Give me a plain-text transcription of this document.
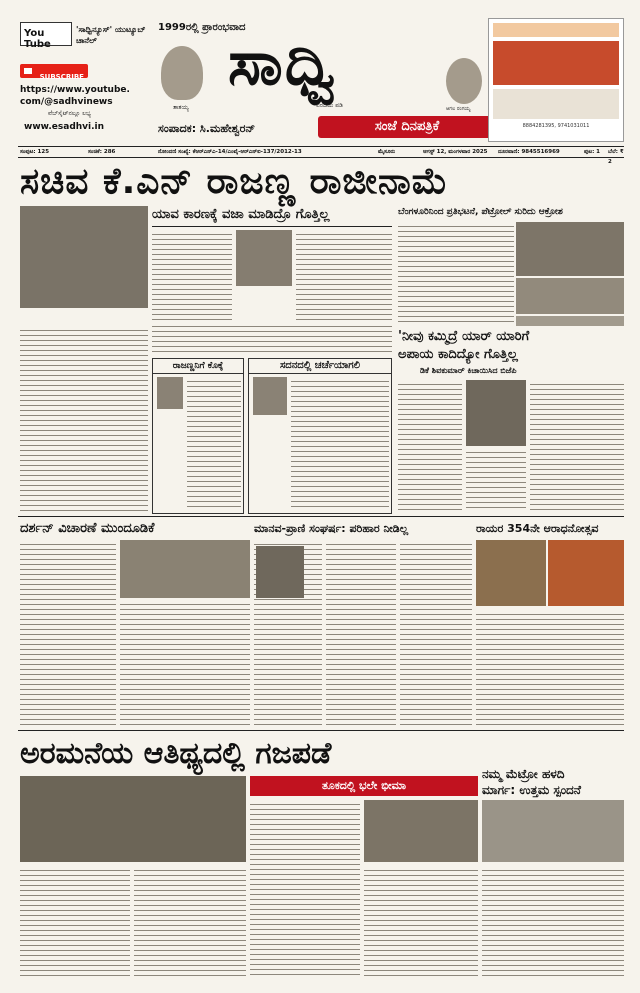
You Tube
'ಸಾಧ್ವಿನ್ಯೂಸ್' ಯುಟ್ಯೂಬ್ ಚಾನೆಲ್
SUBSCRIBE
https://www.youtube.
com/@sadhvinews
ವೆಬ್‌ಸೈಟ್‌ನಲ್ಲೂ ಲಭ್ಯ
www.esadhvi.in
ತಾತಯ್ಯ
1999ರಲ್ಲಿ ಪ್ರಾರಂಭವಾದ
ಸಾಧ್ವಿ
ವರದಿಯ ಪಡಿ	ಆಗಲ ರಂಗಯ್ಯ
ಸಂಪಾದಕ: ಸಿ.ಮಹೇಶ್ವರನ್	ಸಂಜೆ ದಿನಪತ್ರಿಕೆ	8884281395, 9741031011
ಸಂಪುಟ: 125	ಸಂಚಿಕೆ: 286	ನೋಂದಣಿ ಸಂಖ್ಯೆ: ಕೆಆರ್‌ಎನ್‌ಎ-14/ಎಂವೈ-ಆರ್‌ಎನ್‌ಐ-137/2012-13	ಮೈಸೂರು	ಆಗಸ್ಟ್ 12, ಮಂಗಳವಾರ 2025 ದೂರವಾಣಿ: 9845516969	ಪುಟ: 1 ಬೆಲೆ: ₹ 2
ಸಚಿವ ಕೆ.ಎನ್ ರಾಜಣ್ಣ ರಾಜೀನಾಮೆ
ಯಾವ ಕಾರಣಕ್ಕೆ ವಜಾ ಮಾಡಿದ್ರೊ ಗೊತ್ತಿಲ್ಲ
ರಾಜಣ್ಣನಿಗೆ ಕೊಕ್ಕೆ	ಸದನದಲ್ಲಿ ಚರ್ಚೆಯಾಗಲಿ
ಬೆಂಗಳೂರಿನಿಂದ ಪ್ರತಿಭಟನೆ, ಪೆಟ್ರೋಲ್ ಸುರಿದು ಆಕ್ರೋಶ
'ನೀವು ಕಮ್ಮಿದ್ರೆ ಯಾರ್ ಯಾರಿಗೆ
ಅಪಾಯ ಕಾದಿದ್ಯೋ ಗೊತ್ತಿಲ್ಲ
ಡಿಕೆ ಶಿವಕುಮಾರ್ ಕಿಚಾಯಿಸಿದ ಬಿಜೆಪಿ
ದರ್ಶನ್ ವಿಚಾರಣೆ ಮುಂದೂಡಿಕೆ	ಮಾನವ-ಪ್ರಾಣಿ ಸಂಘರ್ಷ: ಪರಿಹಾರ ನೀಡಿಲ್ಲ	ರಾಯರ 354ನೇ ಆರಾಧನೋತ್ಸವ
ಅರಮನೆಯ ಆತಿಥ್ಯದಲ್ಲಿ ಗಜಪಡೆ
ನಮ್ಮ ಮೆಟ್ರೋ ಹಳದಿ
ಮಾರ್ಗ: ಉತ್ತಮ ಸ್ಪಂದನೆ
ತೂಕದಲ್ಲಿ ಭಲೇ ಭೀಮಾ
